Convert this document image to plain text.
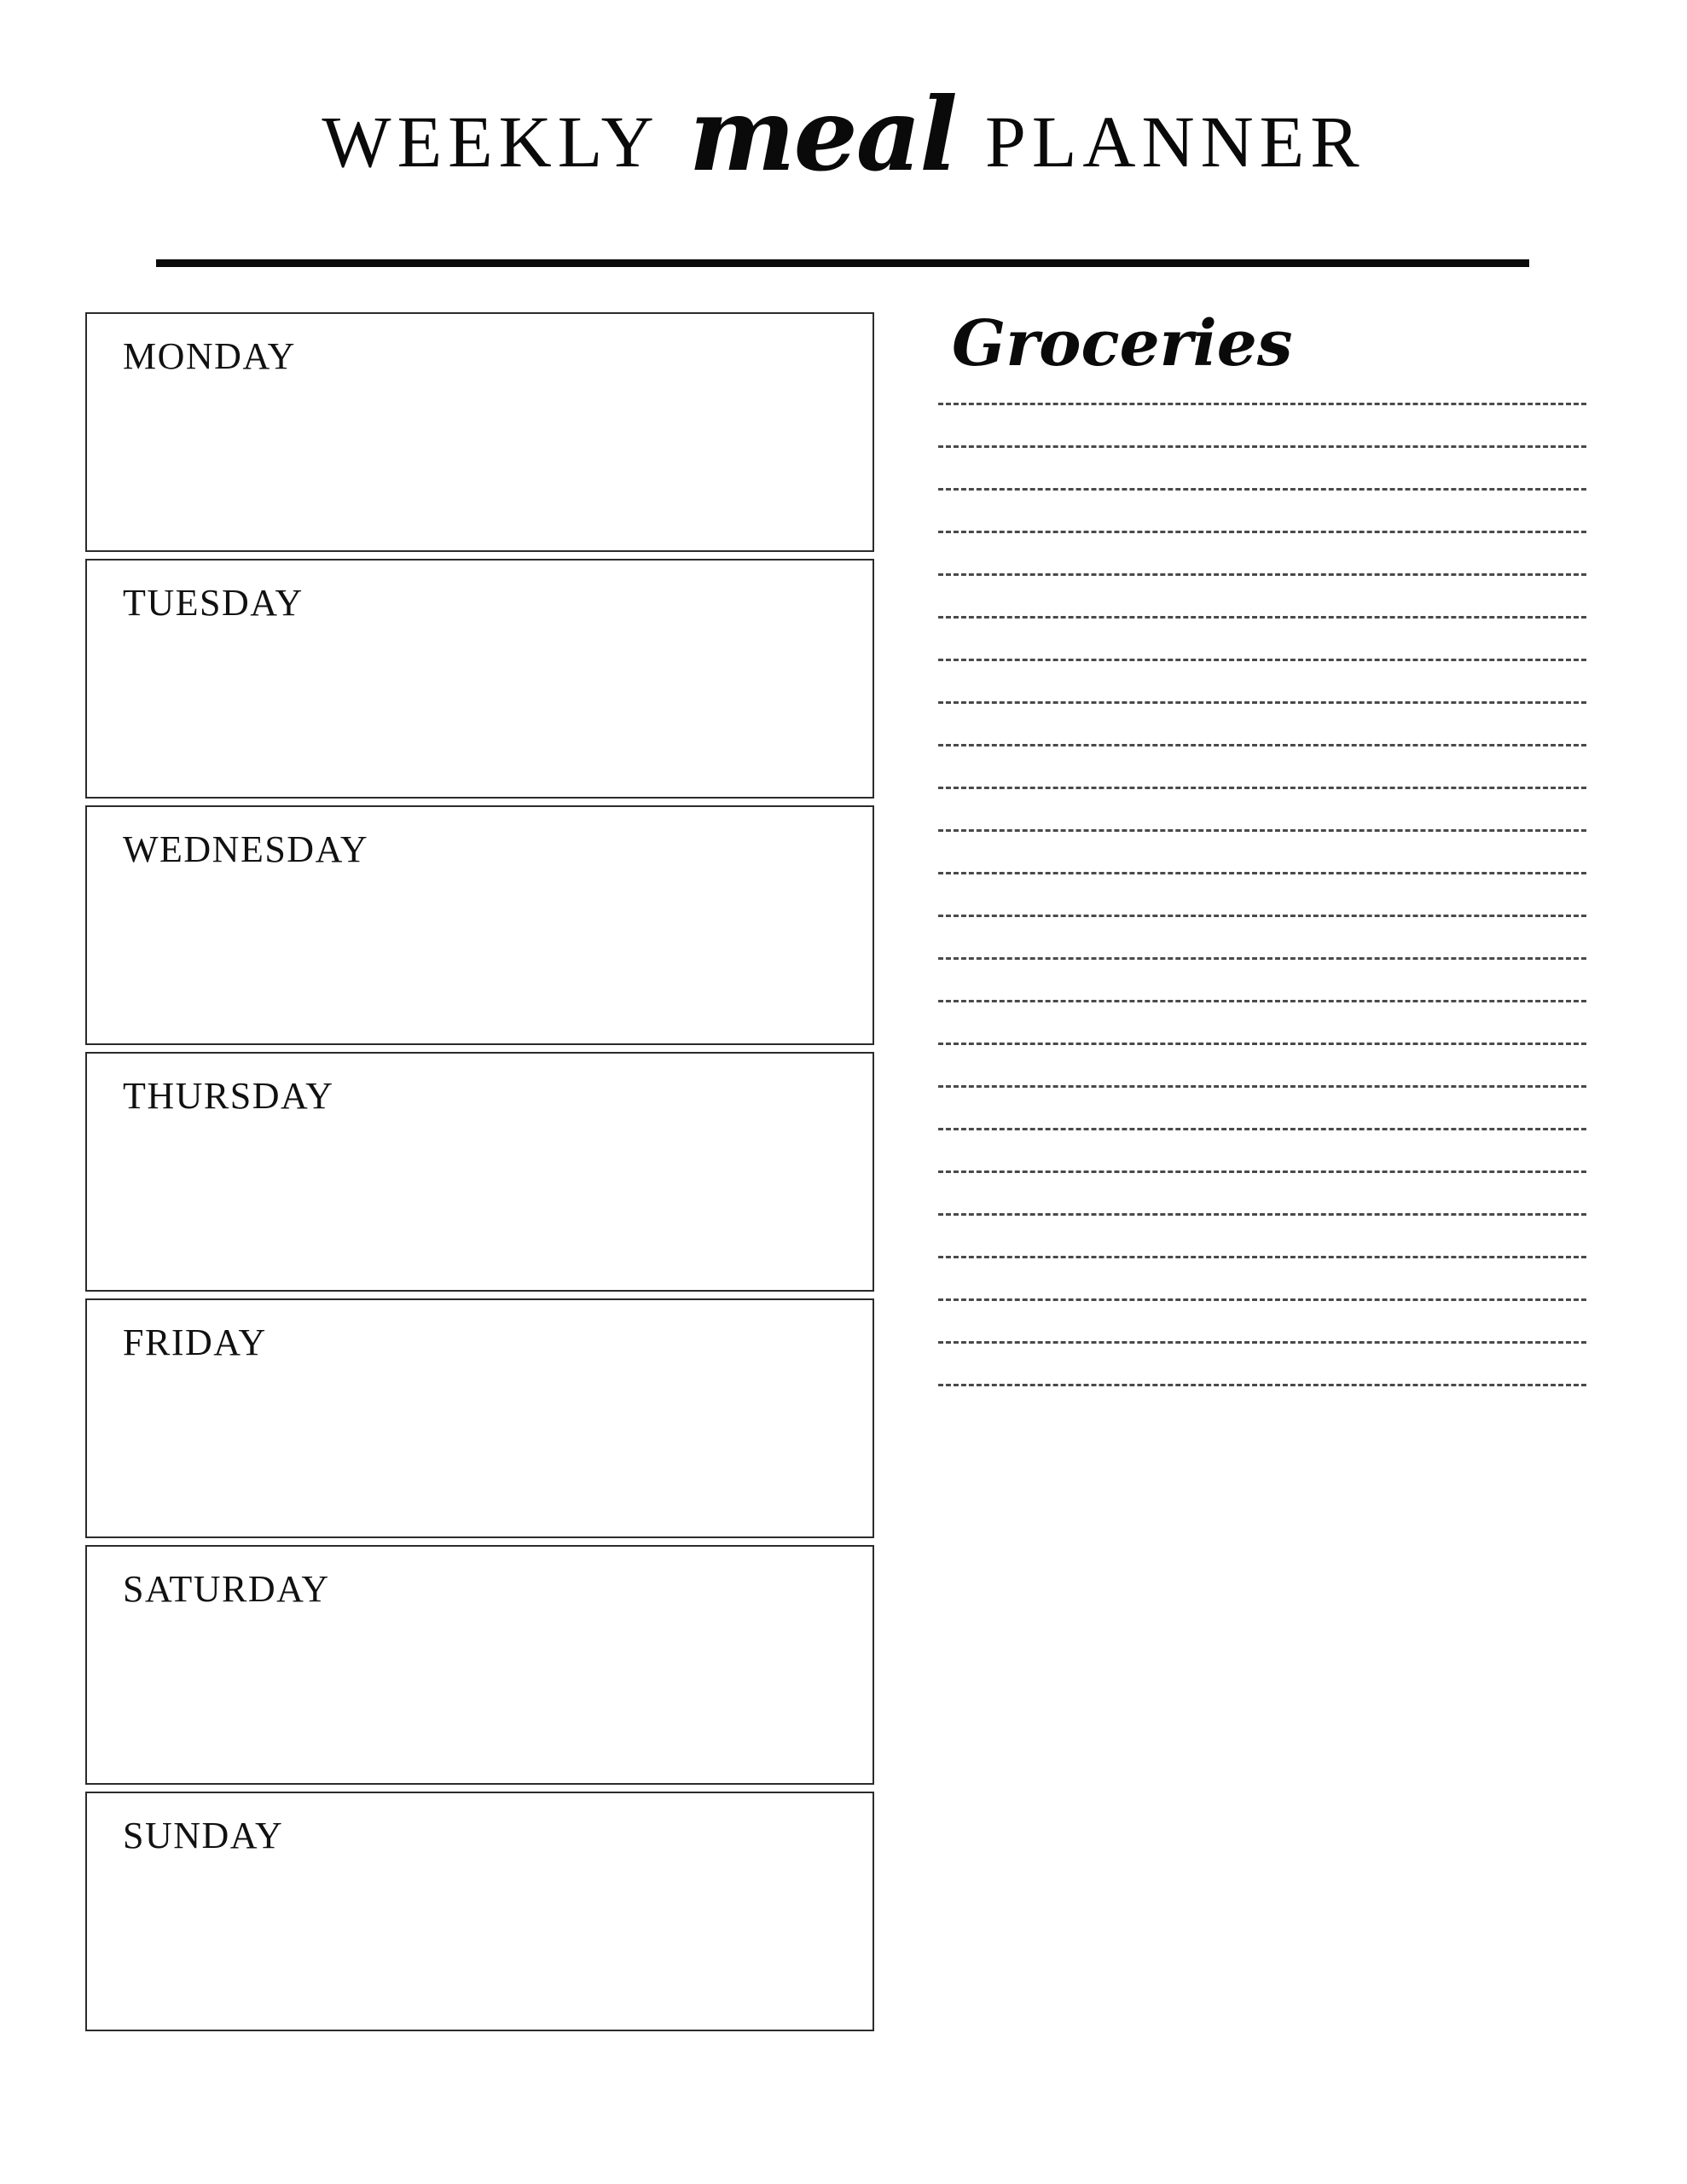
WEEKLY meal PLANNER
MONDAY
TUESDAY
WEDNESDAY
THURSDAY
FRIDAY
SATURDAY
SUNDAY
Groceries
